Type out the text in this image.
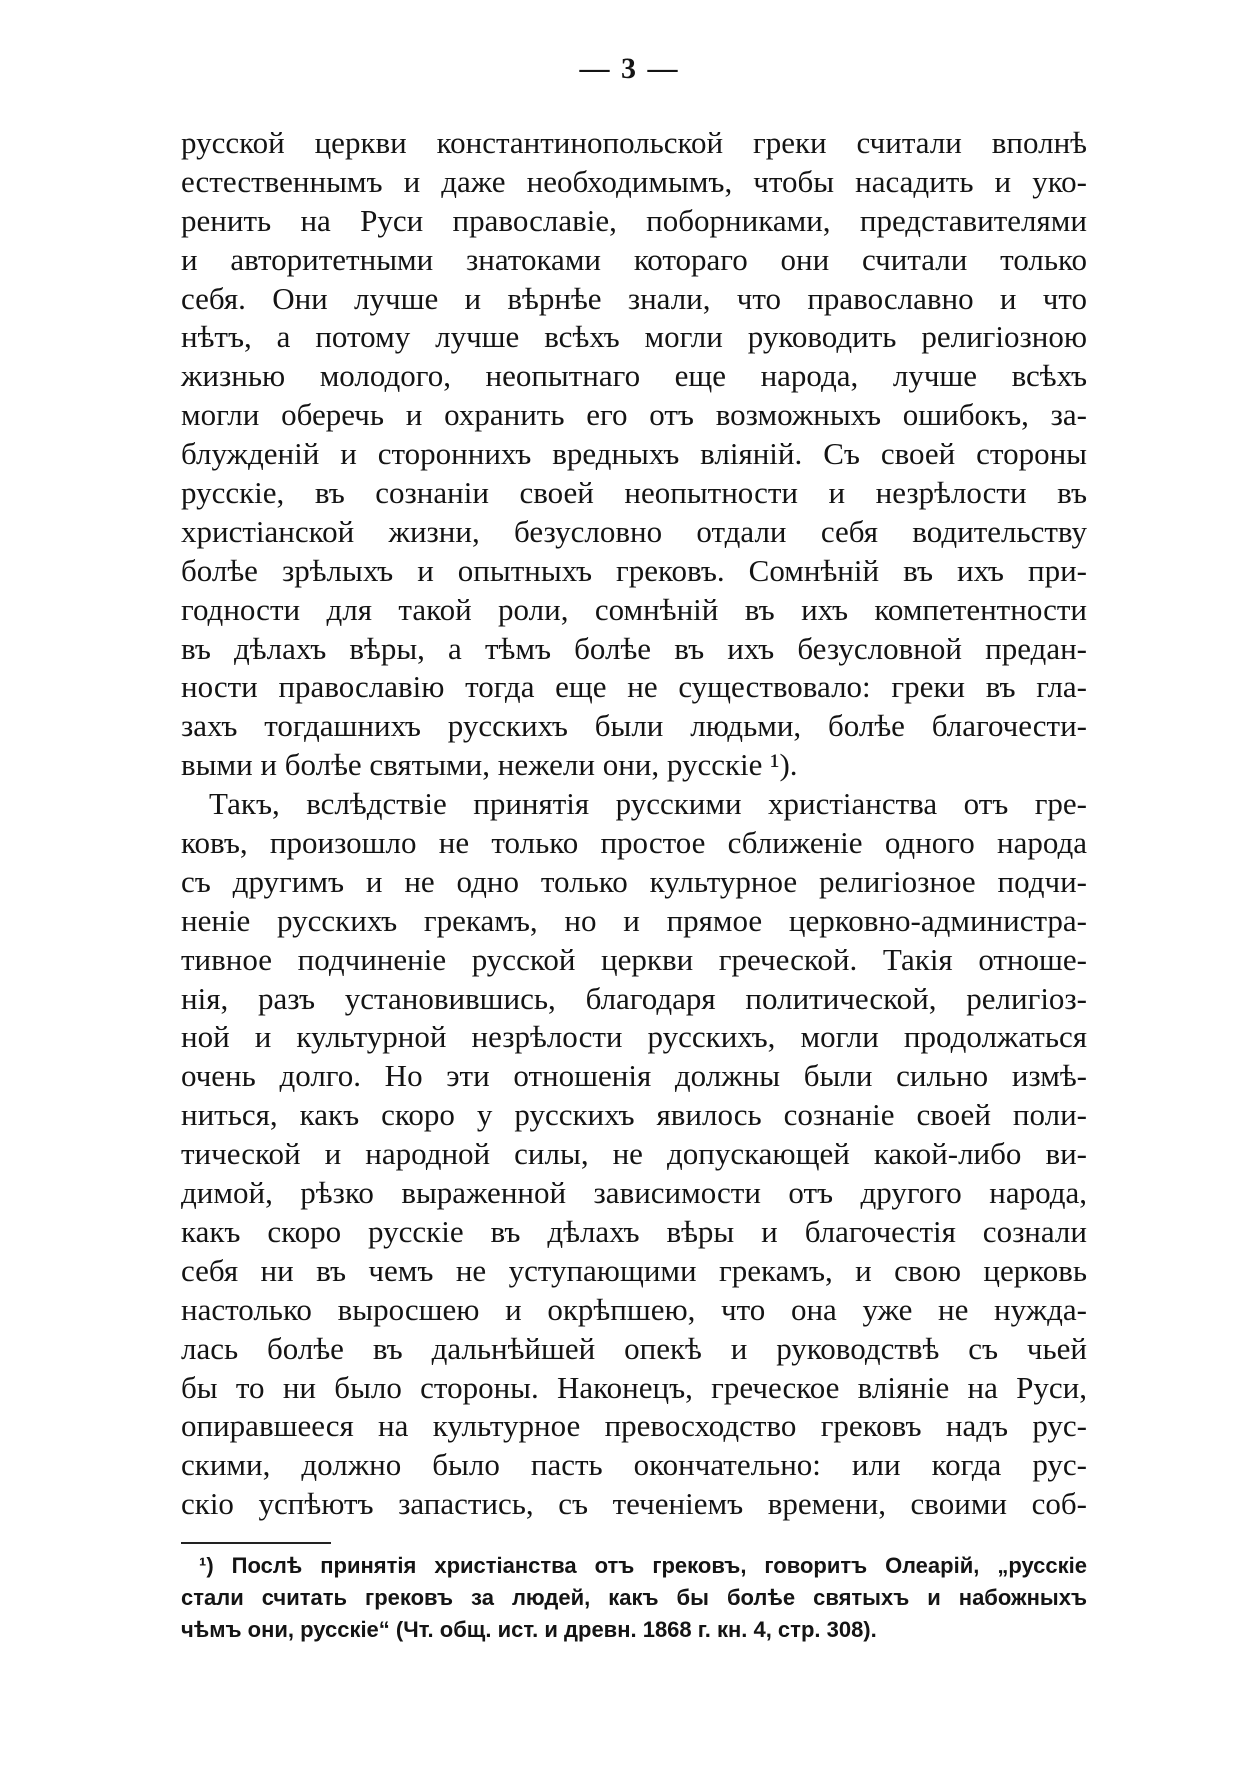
— 3 —
русской церкви константинопольской греки считали вполнѣ
естественнымъ и даже необходимымъ, чтобы насадить и уко-
ренить на Руси православіе, поборниками, представителями
и авторитетными знатоками котораго они считали только
себя. Они лучше и вѣрнѣе знали, что православно и что
нѣтъ, а потому лучше всѣхъ могли руководить религіозною
жизнью молодого, неопытнаго еще народа, лучше всѣхъ
могли оберечь и охранить его отъ возможныхъ ошибокъ, за-
блужденій и стороннихъ вредныхъ вліяній. Съ своей стороны
русскіе, въ сознаніи своей неопытности и незрѣлости въ
христіанской жизни, безусловно отдали себя водительству
болѣе зрѣлыхъ и опытныхъ грековъ. Сомнѣній въ ихъ при-
годности для такой роли, сомнѣній въ ихъ компетентности
въ дѣлахъ вѣры, а тѣмъ болѣе въ ихъ безусловной предан-
ности православію тогда еще не существовало: греки въ гла-
захъ тогдашнихъ русскихъ были людьми, болѣе благочести-
выми и болѣе святыми, нежели они, русскіе ¹).
Такъ, вслѣдствіе принятія русскими христіанства отъ гре-
ковъ, произошло не только простое сближеніе одного народа
съ другимъ и не одно только культурное религіозное подчи-
неніе русскихъ грекамъ, но и прямое церковно-администра-
тивное подчиненіе русской церкви греческой. Такія отноше-
нія, разъ установившись, благодаря политической, религіоз-
ной и культурной незрѣлости русскихъ, могли продолжаться
очень долго. Но эти отношенія должны были сильно измѣ-
ниться, какъ скоро у русскихъ явилось сознаніе своей поли-
тической и народной силы, не допускающей какой-либо ви-
димой, рѣзко выраженной зависимости отъ другого народа,
какъ скоро русскіе въ дѣлахъ вѣры и благочестія сознали
себя ни въ чемъ не уступающими грекамъ, и свою церковь
настолько выросшею и окрѣпшею, что она уже не нужда-
лась болѣе въ дальнѣйшей опекѣ и руководствѣ съ чьей
бы то ни было стороны. Наконецъ, греческое вліяніе на Руси,
опиравшееся на культурное превосходство грековъ надъ рус-
скими, должно было пасть окончательно: или когда рус-
скіо успѣютъ запастись, съ теченіемъ времени, своими соб-
¹) Послѣ принятія христіанства отъ грековъ, говоритъ Олеарій, „русскіе
стали считать грековъ за людей, какъ бы болѣе святыхъ и набожныхъ
чѣмъ они, русскіе“ (Чт. общ. ист. и древн. 1868 г. кн. 4, стр. 308).
